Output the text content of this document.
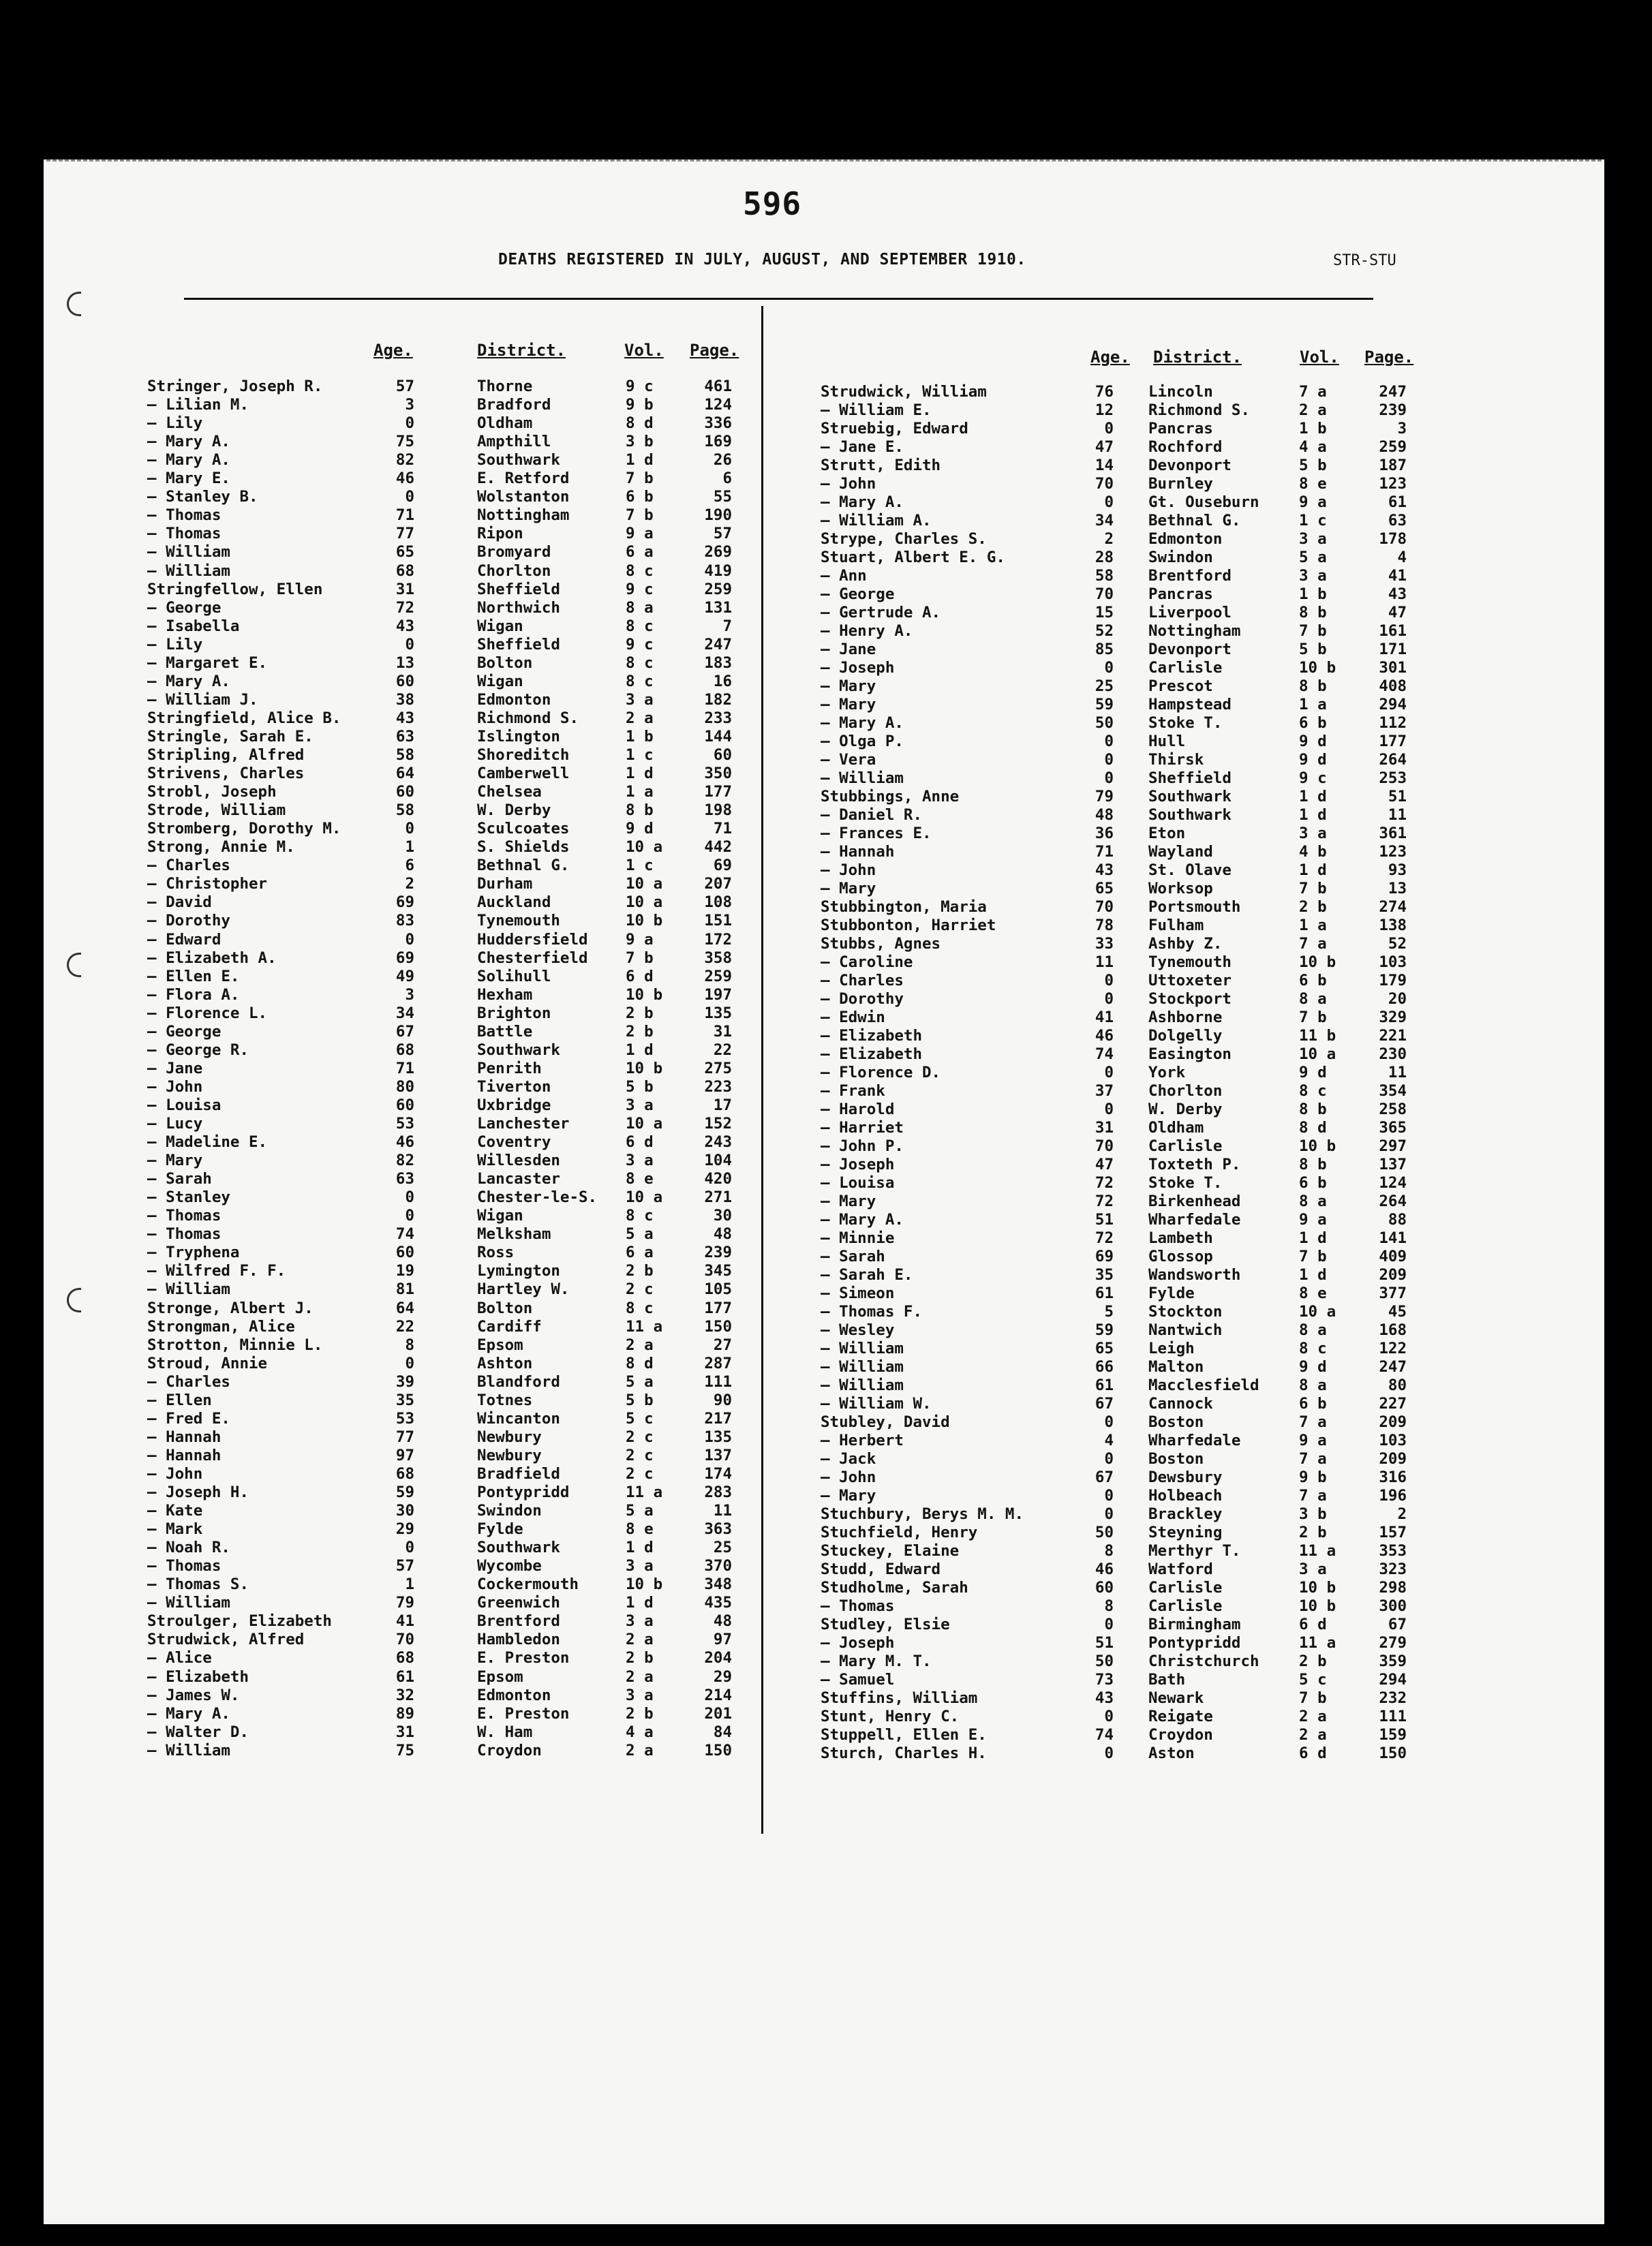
596
DEATHS REGISTERED IN JULY, AUGUST, AND SEPTEMBER 1910.	STR-STU
Age.	District.	Vol. Page.
Stringer, Joseph R.	57	Thorne	9 c	461
— Lilian M.	3	Bradford	9 b	124
— Lily	0	Oldham	8 d	336
— Mary A.	75	Ampthill	3 b	169
— Mary A.	82	Southwark	1 d	26
— Mary E.	46	E. Retford	7 b	6
— Stanley B.	0	Wolstanton	6 b	55
— Thomas	71	Nottingham	7 b	190
— Thomas	77	Ripon	9 a	57
— William	65	Bromyard	6 a	269
— William	68	Chorlton	8 c	419
Stringfellow, Ellen	31	Sheffield	9 c	259
— George	72	Northwich	8 a	131
— Isabella	43	Wigan	8 c	7
— Lily	0	Sheffield	9 c	247
— Margaret E.	13	Bolton	8 c	183
— Mary A.	60	Wigan	8 c	16
— William J.	38	Edmonton	3 a	182
Stringfield, Alice B.	43	Richmond S.	2 a	233
Stringle, Sarah E.	63	Islington	1 b	144
Stripling, Alfred	58	Shoreditch	1 c	60
Strivens, Charles	64	Camberwell	1 d	350
Strobl, Joseph	60	Chelsea	1 a	177
Strode, William	58	W. Derby	8 b	198
Stromberg, Dorothy M.	0	Sculcoates	9 d	71
Strong, Annie M.	1	S. Shields	10 a	442
— Charles	6	Bethnal G.	1 c	69
— Christopher	2	Durham	10 a	207
— David	69	Auckland	10 a	108
— Dorothy	83	Tynemouth	10 b	151
— Edward	0	Huddersfield 9 a	172
— Elizabeth A.	69	Chesterfield 7 b	358
— Ellen E.	49	Solihull	6 d	259
— Flora A.	3	Hexham	10 b	197
— Florence L.	34	Brighton	2 b	135
— George	67	Battle	2 b	31
— George R.	68	Southwark	1 d	22
— Jane	71	Penrith	10 b	275
— John	80	Tiverton	5 b	223
— Louisa	60	Uxbridge	3 a	17
— Lucy	53	Lanchester	10 a	152
— Madeline E.	46	Coventry	6 d	243
— Mary	82	Willesden	3 a	104
— Sarah	63	Lancaster	8 e	420
— Stanley	0	Chester-le-S. 10 a	271
— Thomas	0	Wigan	8 c	30
— Thomas	74	Melksham	5 a	48
— Tryphena	60	Ross	6 a	239
— Wilfred F. F.	19	Lymington	2 b	345
— William	81	Hartley W.	2 c	105
Stronge, Albert J.	64	Bolton	8 c	177
Strongman, Alice	22	Cardiff	11 a	150
Strotton, Minnie L.	8	Epsom	2 a	27
Stroud, Annie	0	Ashton	8 d	287
— Charles	39	Blandford	5 a	111
— Ellen	35	Totnes	5 b	90
— Fred E.	53	Wincanton	5 c	217
— Hannah	77	Newbury	2 c	135
— Hannah	97	Newbury	2 c	137
— John	68	Bradfield	2 c	174
— Joseph H.	59	Pontypridd	11 a	283
— Kate	30	Swindon	5 a	11
— Mark	29	Fylde	8 e	363
— Noah R.	0	Southwark	1 d	25
— Thomas	57	Wycombe	3 a	370
— Thomas S.	1	Cockermouth	10 b	348
— William	79	Greenwich	1 d	435
Stroulger, Elizabeth	41	Brentford	3 a	48
Strudwick, Alfred	70	Hambledon	2 a	97
— Alice	68	E. Preston	2 b	204
— Elizabeth	61	Epsom	2 a	29
— James W.	32	Edmonton	3 a	214
— Mary A.	89	E. Preston	2 b	201
— Walter D.	31	W. Ham	4 a	84
— William	75	Croydon	2 a	150
Age. District.	Vol. Page.
Strudwick, William	76 Lincoln	7 a	247
— William E.	12 Richmond S.	2 a	239
Struebig, Edward	0 Pancras	1 b	3
— Jane E.	47 Rochford	4 a	259
Strutt, Edith	14 Devonport	5 b	187
— John	70 Burnley	8 e	123
— Mary A.	0 Gt. Ouseburn	9 a	61
— William A.	34 Bethnal G.	1 c	63
Strype, Charles S.	2 Edmonton	3 a	178
Stuart, Albert E. G.	28 Swindon	5 a	4
— Ann	58 Brentford	3 a	41
— George	70 Pancras	1 b	43
— Gertrude A.	15 Liverpool	8 b	47
— Henry A.	52 Nottingham	7 b	161
— Jane	85 Devonport	5 b	171
— Joseph	0 Carlisle	10 b	301
— Mary	25 Prescot	8 b	408
— Mary	59 Hampstead	1 a	294
— Mary A.	50 Stoke T.	6 b	112
— Olga P.	0 Hull	9 d	177
— Vera	0 Thirsk	9 d	264
— William	0 Sheffield	9 c	253
Stubbings, Anne	79 Southwark	1 d	51
— Daniel R.	48 Southwark	1 d	11
— Frances E.	36 Eton	3 a	361
— Hannah	71 Wayland	4 b	123
— John	43 St. Olave	1 d	93
— Mary	65 Worksop	7 b	13
Stubbington, Maria	70 Portsmouth	2 b	274
Stubbonton, Harriet	78 Fulham	1 a	138
Stubbs, Agnes	33 Ashby Z.	7 a	52
— Caroline	11 Tynemouth	10 b	103
— Charles	0 Uttoxeter	6 b	179
— Dorothy	0 Stockport	8 a	20
— Edwin	41 Ashborne	7 b	329
— Elizabeth	46 Dolgelly	11 b	221
— Elizabeth	74 Easington	10 a	230
— Florence D.	0 York	9 d	11
— Frank	37 Chorlton	8 c	354
— Harold	0 W. Derby	8 b	258
— Harriet	31 Oldham	8 d	365
— John P.	70 Carlisle	10 b	297
— Joseph	47 Toxteth P.	8 b	137
— Louisa	72 Stoke T.	6 b	124
— Mary	72 Birkenhead	8 a	264
— Mary A.	51 Wharfedale	9 a	88
— Minnie	72 Lambeth	1 d	141
— Sarah	69 Glossop	7 b	409
— Sarah E.	35 Wandsworth	1 d	209
— Simeon	61 Fylde	8 e	377
— Thomas F.	5 Stockton	10 a	45
— Wesley	59 Nantwich	8 a	168
— William	65 Leigh	8 c	122
— William	66 Malton	9 d	247
— William	61 Macclesfield	8 a	80
— William W.	67 Cannock	6 b	227
Stubley, David	0 Boston	7 a	209
— Herbert	4 Wharfedale	9 a	103
— Jack	0 Boston	7 a	209
— John	67 Dewsbury	9 b	316
— Mary	0 Holbeach	7 a	196
Stuchbury, Berys M. M.	0 Brackley	3 b	2
Stuchfield, Henry	50 Steyning	2 b	157
Stuckey, Elaine	8 Merthyr T.	11 a	353
Studd, Edward	46 Watford	3 a	323
Studholme, Sarah	60 Carlisle	10 b	298
— Thomas	8 Carlisle	10 b	300
Studley, Elsie	0 Birmingham	6 d	67
— Joseph	51 Pontypridd	11 a	279
— Mary M. T.	50 Christchurch	2 b	359
— Samuel	73 Bath	5 c	294
Stuffins, William	43 Newark	7 b	232
Stunt, Henry C.	0 Reigate	2 a	111
Stuppell, Ellen E.	74 Croydon	2 a	159
Sturch, Charles H.	0 Aston	6 d	150
